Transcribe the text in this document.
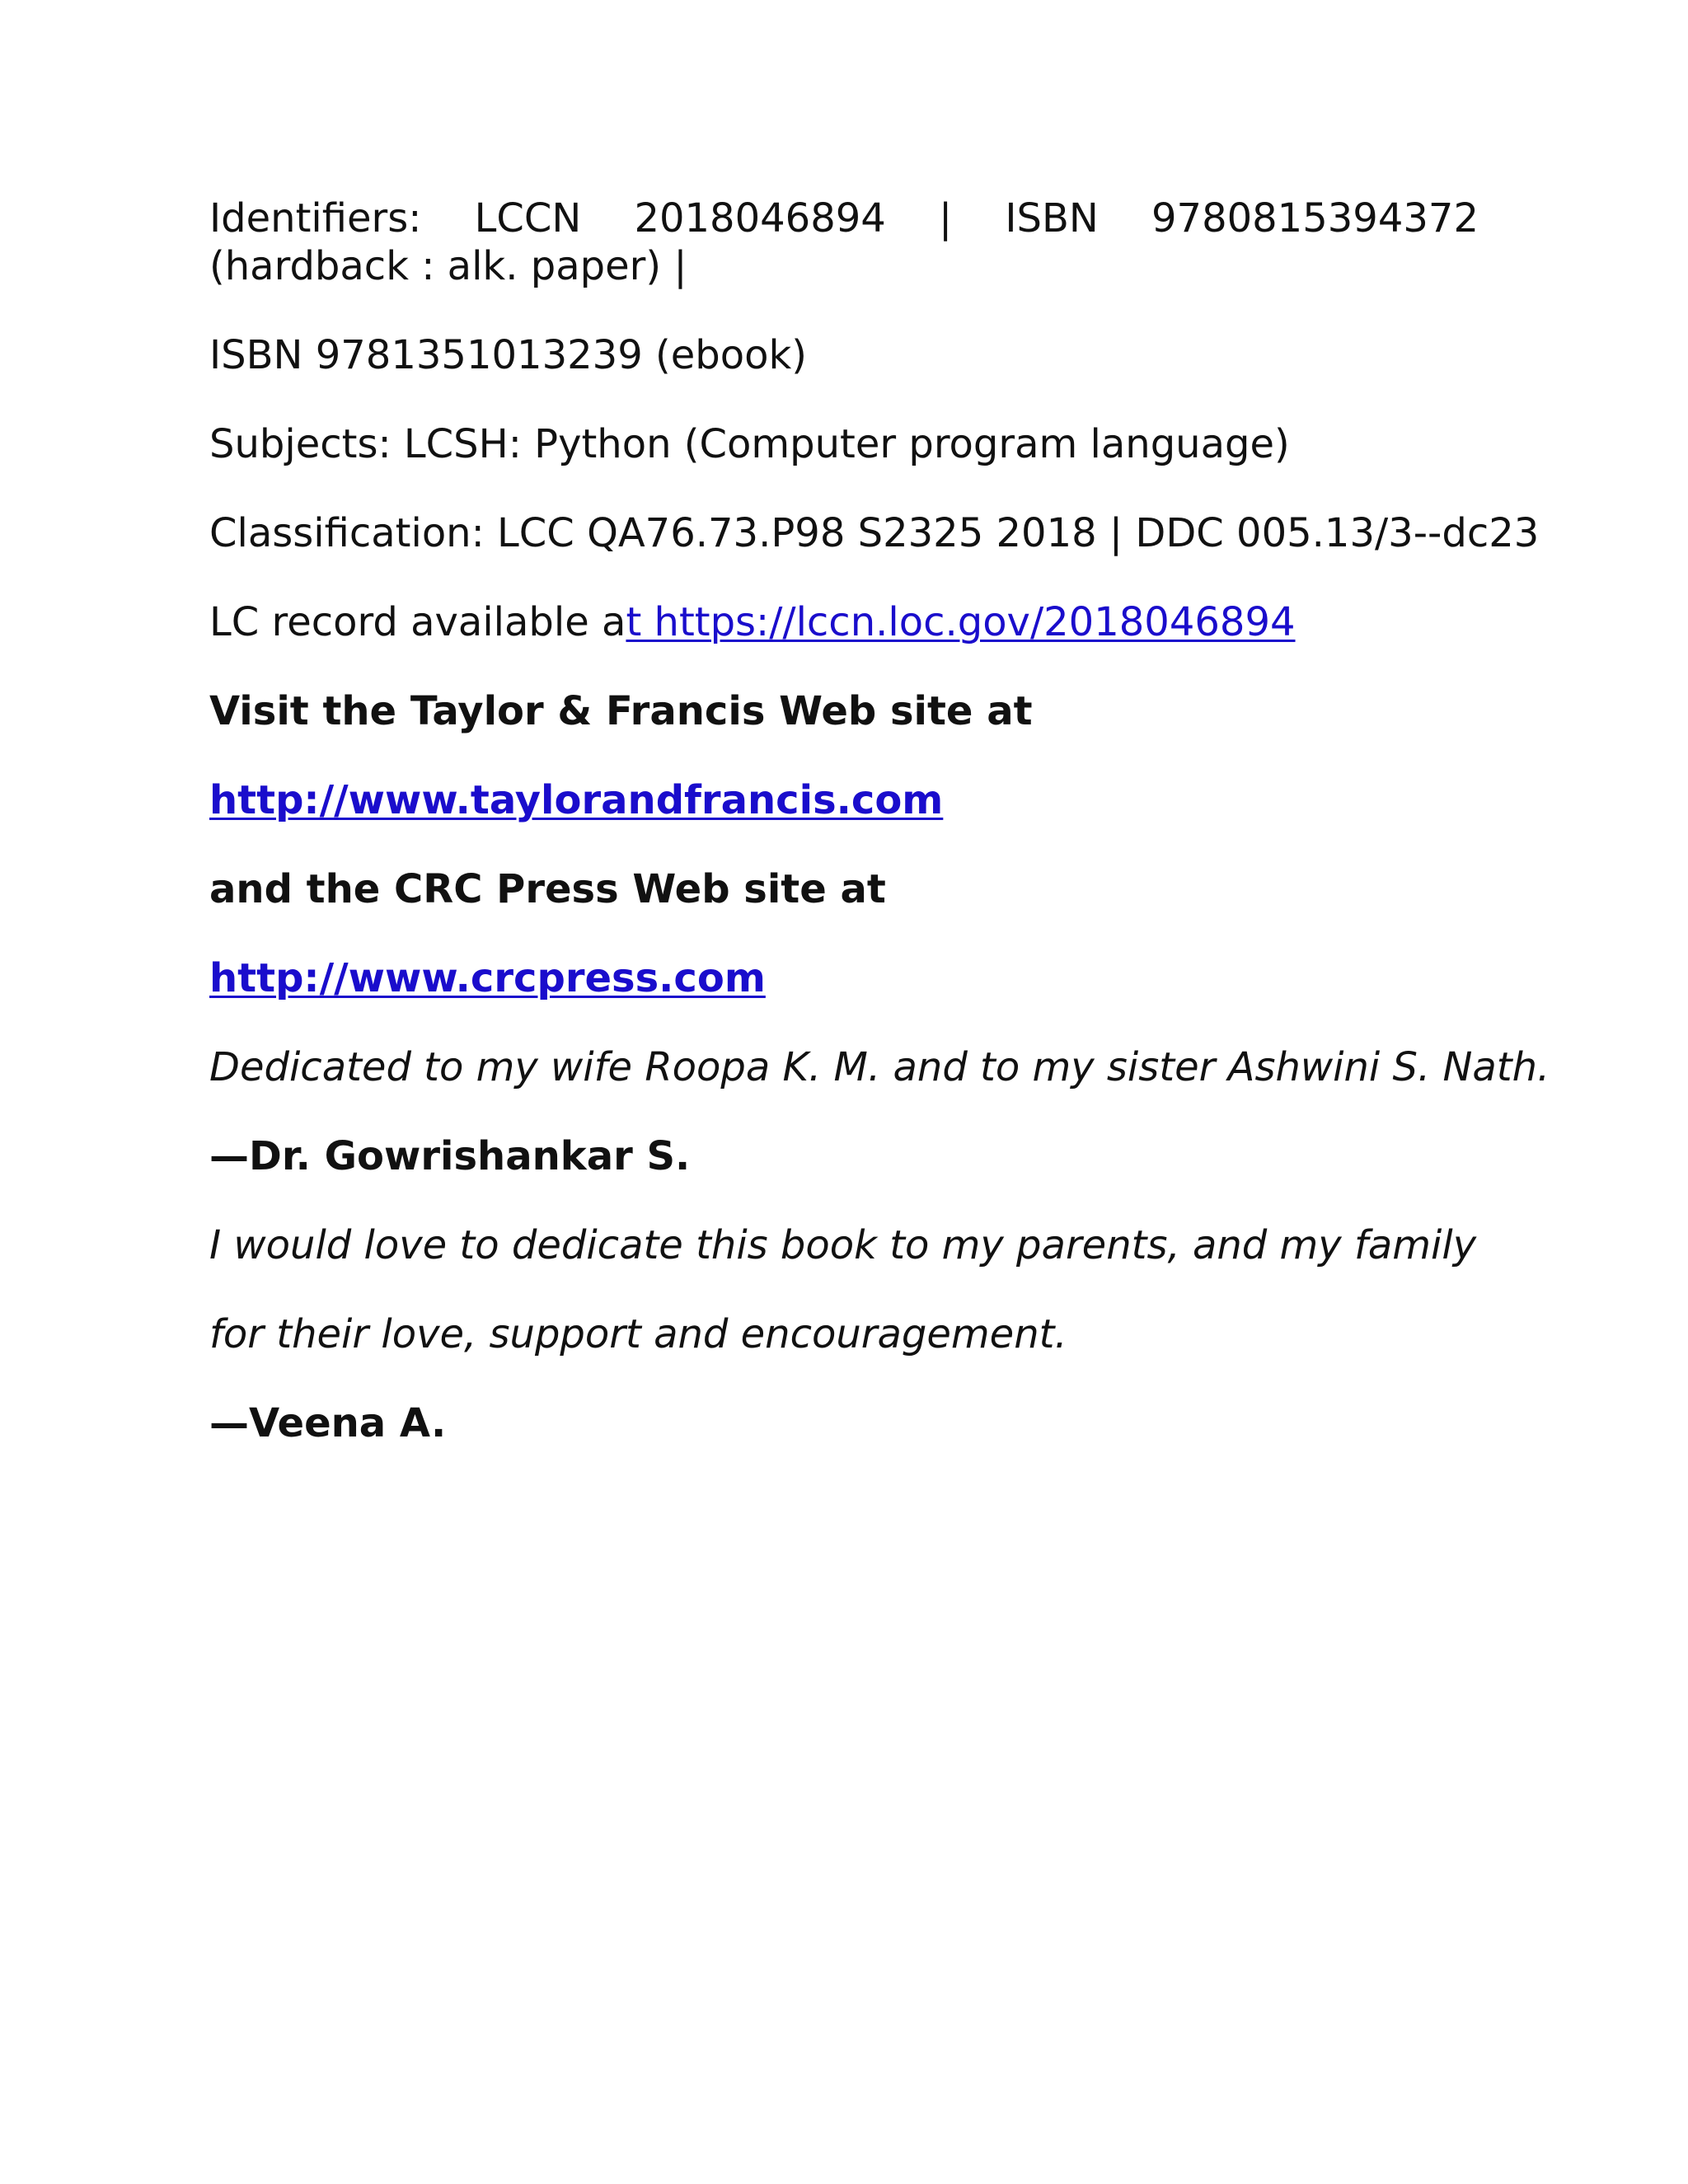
Identifiers: LCCN 2018046894 | ISBN 9780815394372 (hardback : alk. paper) |

ISBN 9781351013239 (ebook)

Subjects: LCSH: Python (Computer program language)

Classification: LCC QA76.73.P98 S2325 2018 | DDC 005.13/3--dc23

LC record available at https://lccn.loc.gov/2018046894

Visit the Taylor & Francis Web site at

http://www.taylorandfrancis.com

and the CRC Press Web site at

http://www.crcpress.com

Dedicated to my wife Roopa K. M. and to my sister Ashwini S. Nath.

—Dr. Gowrishankar S.

I would love to dedicate this book to my parents, and my family

for their love, support and encouragement.

—Veena A.
